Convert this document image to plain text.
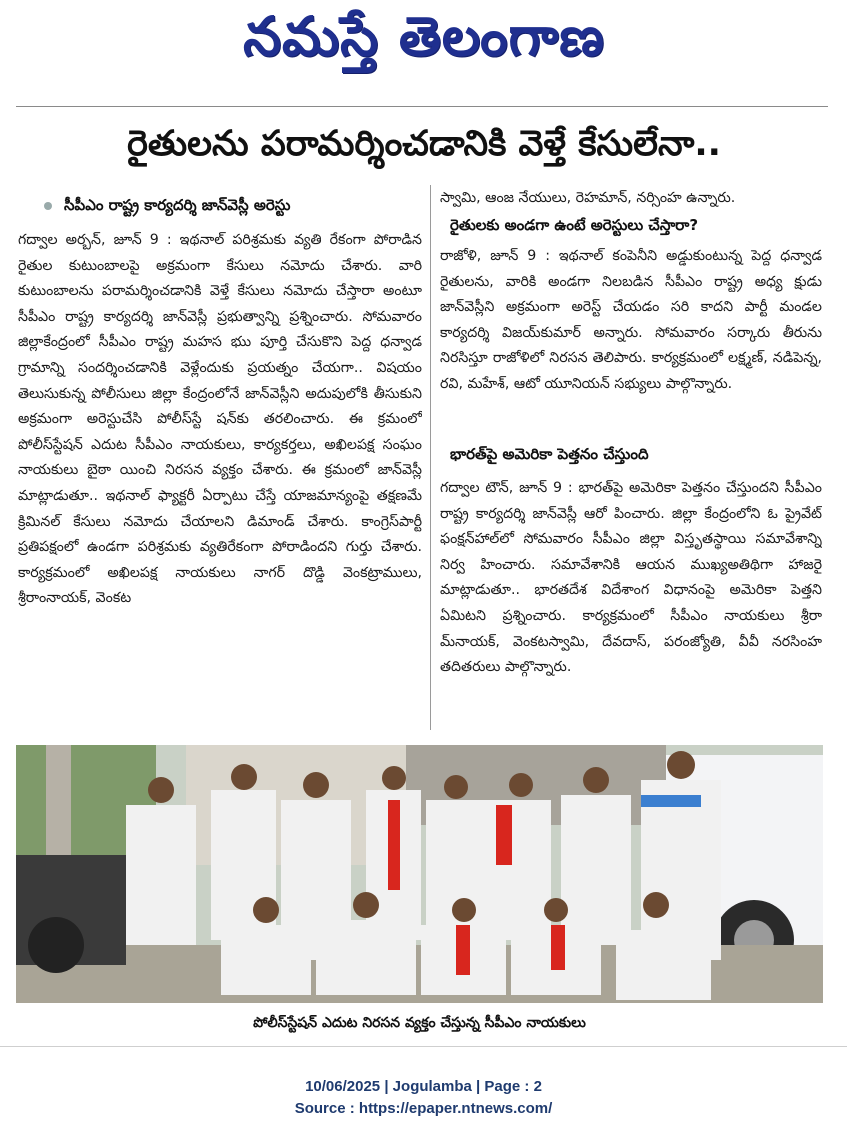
నమస్తే తెలంగాణ
రైతులను పరామర్శించడానికి వెళ్తే కేసులేనా..
సీపీఎం రాష్ట్ర కార్యదర్శి జాన్‌వెస్లీ అరెస్టు
గద్వాల అర్బన్, జూన్ 9 : ఇథనాల్ పరిశ్రమకు వ్యతి రేకంగా పోరాడిన రైతుల కుటుంబాలపై అక్రమంగా కేసులు నమోదు చేశారు. వారి కుటుంబాలను పరామర్శించడానికి వెళ్తే కేసులు నమోదు చేస్తారా అంటూ సీపీఎం రాష్ట్ర కార్యదర్శి జాన్‌వెస్లీ ప్రభుత్వాన్ని ప్రశ్నించారు. సోమవారం జిల్లాకేంద్రంలో సీపీఎం రాష్ట్ర మహస భుు పూర్తి చేసుకొని పెద్ద ధన్వాడ గ్రామాన్ని సందర్శించడానికి వెళ్లేందుకు ప్రయత్నం చేయగా.. విషయం తెలుసుకున్న పోలీసులు జిల్లా కేంద్రంలోనే జాన్‌వెస్లీని అదుపులోకి తీసుకుని అక్రమంగా అరెస్టుచేసి పోలీస్‌స్టే షన్‌కు తరలించారు. ఈ క్రమంలో పోలీస్‌స్టేషన్ ఎదుట సీపీఎం నాయకులు, కార్యకర్తలు, అఖిలపక్ష సంఘం నాయకులు బైఠా యించి నిరసన వ్యక్తం చేశారు. ఈ క్రమంలో జాన్‌వెస్లీ మాట్లాడుతూ.. ఇథనాల్ ఫ్యాక్టరీ ఏర్పాటు చేస్తే యాజమాన్యంపై తక్షణమే క్రిమినల్ కేసులు నమోదు చేయాలని డిమాండ్ చేశారు. కాంగ్రెస్‌పార్టీ ప్రతిపక్షంలో ఉండగా పరిశ్రమకు వ్యతిరేకంగా పోరాడిందని గుర్తు చేశారు. కార్యక్రమంలో అఖిలపక్ష నాయకులు నాగర్ దొడ్డి వెంకట్రాములు, శ్రీరాంనాయక్, వెంకట
స్వామి, ఆంజ నేయులు, రెహమాన్, నర్సింహ ఉన్నారు.
రైతులకు అండగా ఉంటే అరెస్టులు చేస్తారా?
రాజోళి, జూన్ 9 : ఇథనాల్ కంపెనీని అడ్డుకుంటున్న పెద్ద ధన్వాడ రైతులను, వారికి అండగా నిలబడిన సీపీఎం రాష్ట్ర అధ్య క్షుడు జాన్‌వెస్లీని అక్రమంగా అరెస్ట్ చేయడం సరి కాదని పార్టీ మండల కార్యదర్శి విజయ్‌కుమార్ అన్నారు. సోమవారం సర్కారు తీరును నిరసిస్తూ రాజోళిలో నిరసన తెలిపారు. కార్యక్రమంలో లక్ష్మణ్, నడిపెన్న, రవి, మహేశ్, ఆటో యూనియన్ సభ్యులు పాల్గొన్నారు.
భారత్‌పై అమెరికా పెత్తనం చేస్తుంది
గద్వాల టౌన్, జూన్ 9 : భారత్‌పై అమెరికా పెత్తనం చేస్తుందని సీపీఎం రాష్ట్ర కార్యదర్శి జాన్‌వెస్లీ ఆరో పించారు. జిల్లా కేంద్రంలోని ఓ ప్రైవేట్ ఫంక్షన్‌హాల్‌లో సోమవారం సీపీఎం జిల్లా విస్తృతస్థాయి సమావేశాన్ని నిర్వ హించారు. సమావేశానికి ఆయన ముఖ్యఅతిథిగా హాజరై మాట్లాడుతూ.. భారతదేశ విదేశాంగ విధానంపై అమెరికా పెత్తని ఏమిటని ప్రశ్నించారు. కార్యక్రమంలో సీపీఎం నాయకులు శ్రీరా మ్‌నాయక్, వెంకటస్వామి, దేవదాస్, పరంజ్యోతి, వీవీ నరసింహ తదితరులు పాల్గొన్నారు.
పోలీస్‌స్టేషన్ ఎదుట నిరసన వ్యక్తం చేస్తున్న సీపీఎం నాయకులు
10/06/2025 | Jogulamba | Page : 2
Source : https://epaper.ntnews.com/
